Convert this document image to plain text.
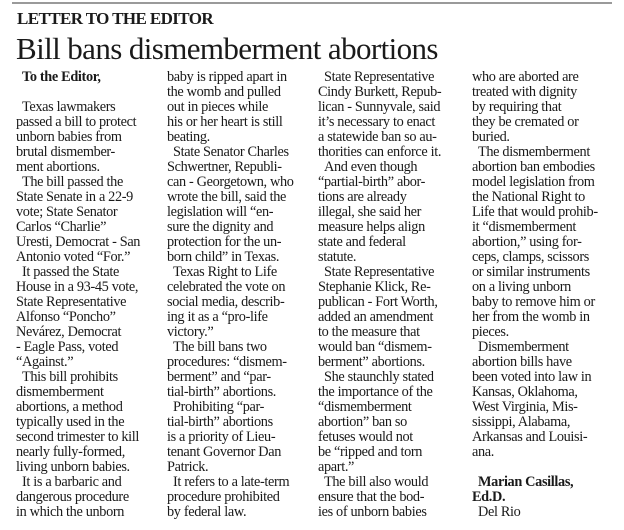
LETTER TO THE EDITOR
Bill bans dismemberment abortions
To the Editor,
Texas lawmakers
passed a bill to protect
unborn babies from
brutal dismember-
ment abortions.
The bill passed the
State Senate in a 22-9
vote; State Senator
Carlos “Charlie”
Uresti, Democrat - San
Antonio voted “For.”
It passed the State
House in a 93-45 vote,
State Representative
Alfonso “Poncho”
Nevárez, Democrat
- Eagle Pass, voted
“Against.”
This bill prohibits
dismemberment
abortions, a method
typically used in the
second trimester to kill
nearly fully-formed,
living unborn babies.
It is a barbaric and
dangerous procedure
in which the unborn
baby is ripped apart in
the womb and pulled
out in pieces while
his or her heart is still
beating.
State Senator Charles
Schwertner, Republi-
can - Georgetown, who
wrote the bill, said the
legislation will “en-
sure the dignity and
protection for the un-
born child” in Texas.
Texas Right to Life
celebrated the vote on
social media, describ-
ing it as a “pro-life
victory.”
The bill bans two
procedures: “dismem-
berment” and “par-
tial-birth” abortions.
Prohibiting “par-
tial-birth” abortions
is a priority of Lieu-
tenant Governor Dan
Patrick.
It refers to a late-term
procedure prohibited
by federal law.
State Representative
Cindy Burkett, Repub-
lican - Sunnyvale, said
it’s necessary to enact
a statewide ban so au-
thorities can enforce it.
And even though
“partial-birth” abor-
tions are already
illegal, she said her
measure helps align
state and federal
statute.
State Representative
Stephanie Klick, Re-
publican - Fort Worth,
added an amendment
to the measure that
would ban “dismem-
berment” abortions.
She staunchly stated
the importance of the
“dismemberment
abortion” ban so
fetuses would not
be “ripped and torn
apart.”
The bill also would
ensure that the bod-
ies of unborn babies
who are aborted are
treated with dignity
by requiring that
they be cremated or
buried.
The dismemberment
abortion ban embodies
model legislation from
the National Right to
Life that would prohib-
it “dismemberment
abortion,” using for-
ceps, clamps, scissors
or similar instruments
on a living unborn
baby to remove him or
her from the womb in
pieces.
Dismemberment
abortion bills have
been voted into law in
Kansas, Oklahoma,
West Virginia, Mis-
sissippi, Alabama,
Arkansas and Louisi-
ana.
Marian Casillas,
Ed.D.
Del Rio
